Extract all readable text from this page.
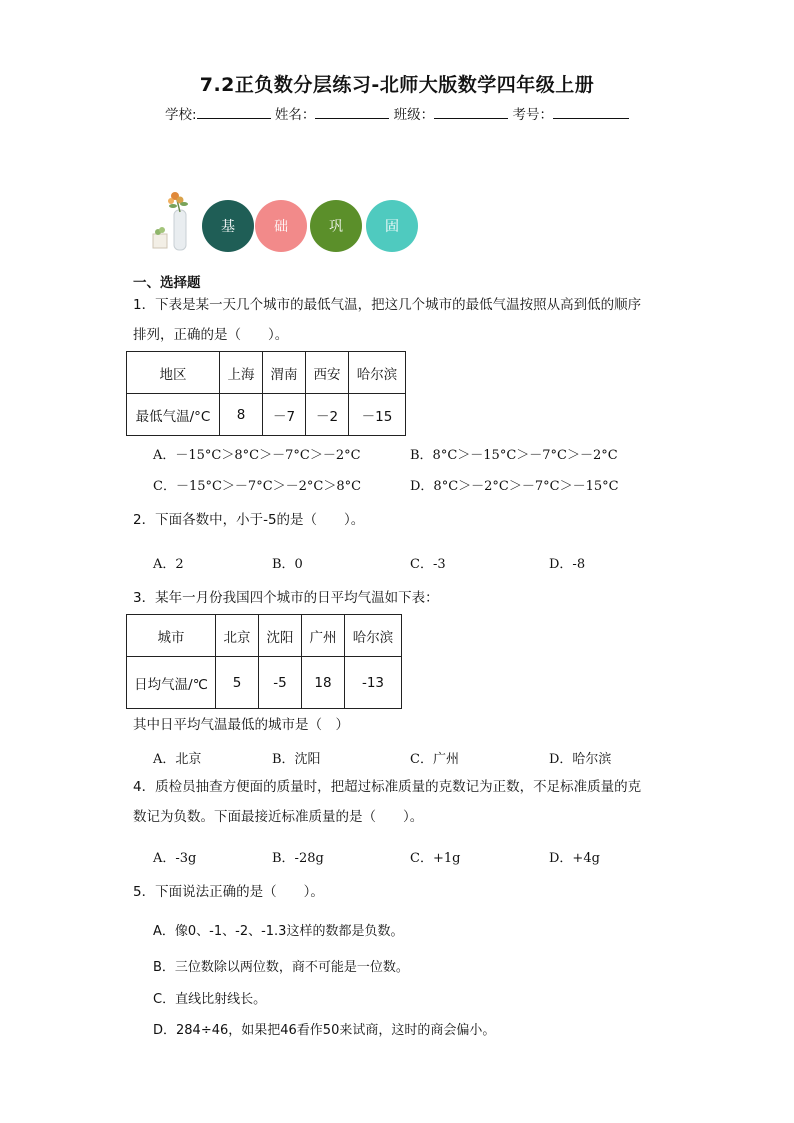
7.2正负数分层练习-北师大版数学四年级上册
学校:	姓名：	班级：	考号：
基	础	巩	固
一、选择题
1．下表是某一天几个城市的最低气温，把这几个城市的最低气温按照从高到低的顺序
排列，正确的是（　　）。
地区	上海	渭南	西安	哈尔滨
最低气温/°C	8	－7	－2	－15
A．－15°C＞8°C＞－7°C＞－2°C	B．8°C＞－15°C＞－7°C＞－2°C
C．－15°C＞－7°C＞－2°C＞8°C	D．8°C＞－2°C＞－7°C＞－15°C
2．下面各数中，小于-5的是（　　）。
A．2	B．0	C．-3	D．-8
3．某年一月份我国四个城市的日平均气温如下表：
城市	北京	沈阳	广州	哈尔滨
日均气温/℃	5	-5	18	-13
其中日平均气温最低的城市是（　）
A．北京	B．沈阳	C．广州	D．哈尔滨
4．质检员抽查方便面的质量时，把超过标准质量的克数记为正数，不足标准质量的克
数记为负数。下面最接近标准质量的是（　　）。
A．-3g	B．-28g	C．+1g	D．+4g
5．下面说法正确的是（　　）。
A．像0、-1、-2、-1.3这样的数都是负数。
B．三位数除以两位数，商不可能是一位数。
C．直线比射线长。
D．284÷46，如果把46看作50来试商，这时的商会偏小。
